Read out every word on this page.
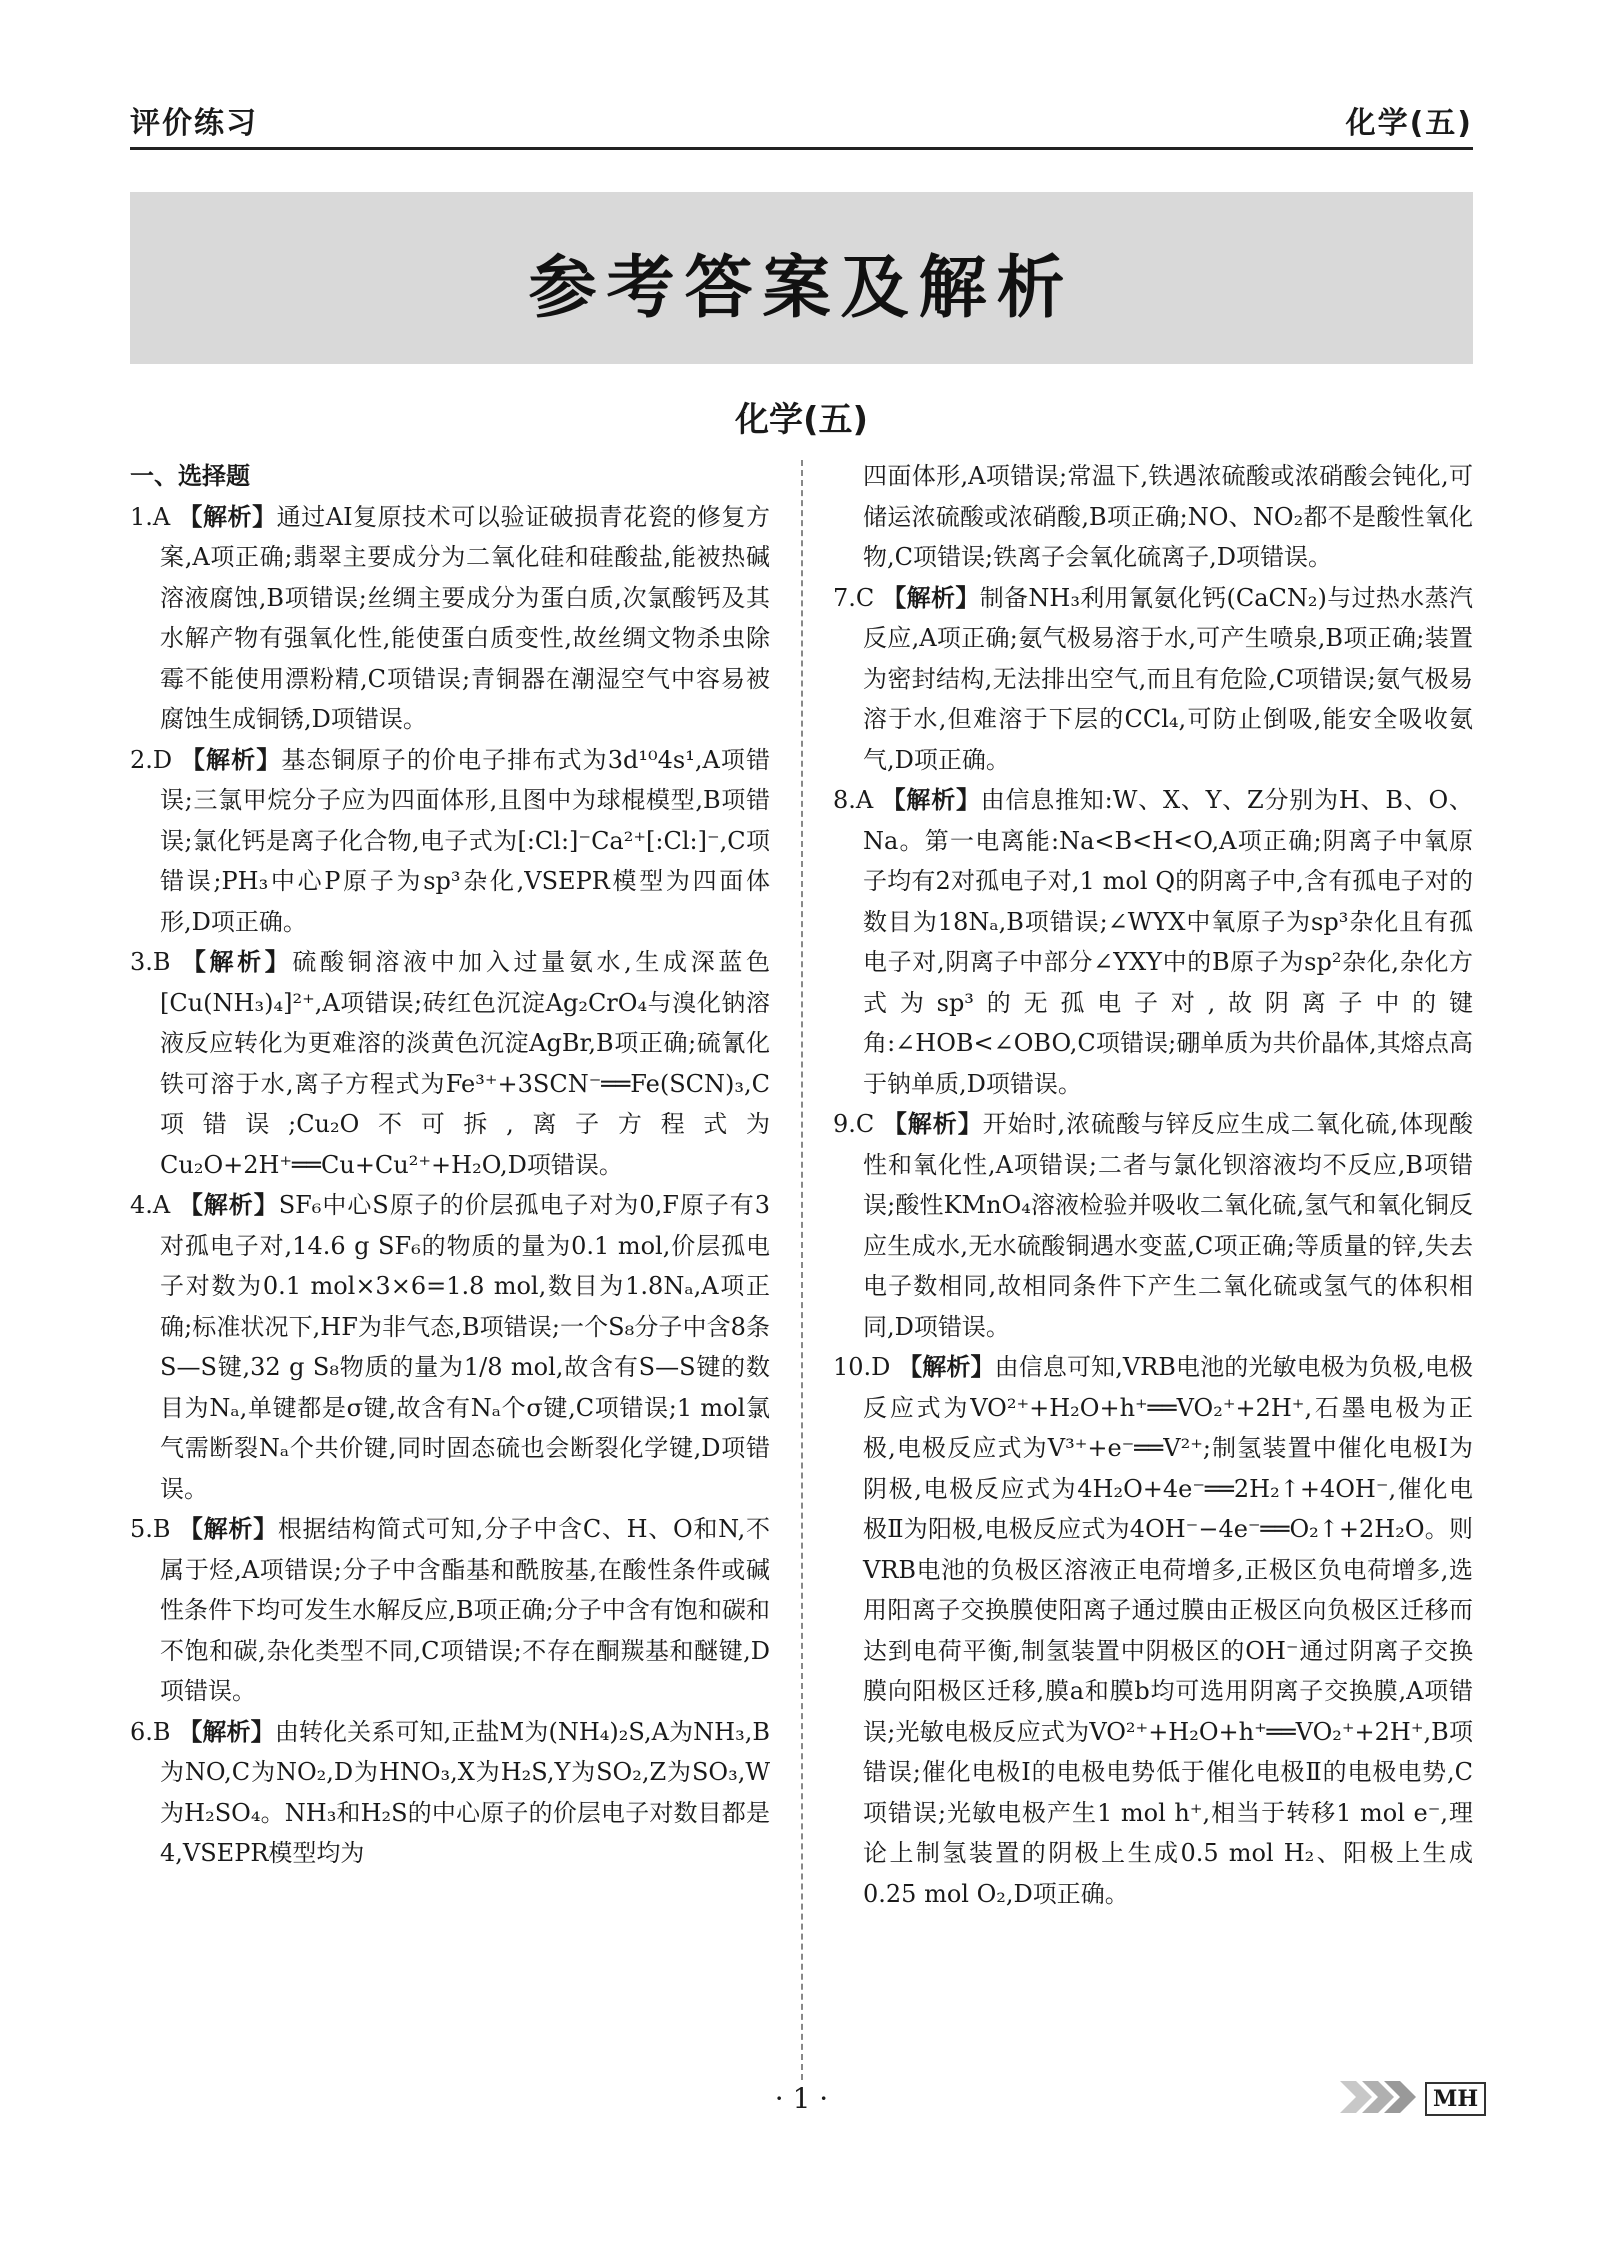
评价练习	化学(五)
参考答案及解析
化学(五)

一、选择题

1.A 【解析】通过AI复原技术可以验证破损青花瓷的修复方案,A项正确;翡翠主要成分为二氧化硅和硅酸盐,能被热碱溶液腐蚀,B项错误;丝绸主要成分为蛋白质,次氯酸钙及其水解产物有强氧化性,能使蛋白质变性,故丝绸文物杀虫除霉不能使用漂粉精,C项错误;青铜器在潮湿空气中容易被腐蚀生成铜锈,D项错误。

2.D 【解析】基态铜原子的价电子排布式为3d¹⁰4s¹,A项错误;三氯甲烷分子应为四面体形,且图中为球棍模型,B项错误;氯化钙是离子化合物,电子式为[:Cl:]⁻Ca²⁺[:Cl:]⁻,C项错误;PH₃中心P原子为sp³杂化,VSEPR模型为四面体形,D项正确。

3.B 【解析】硫酸铜溶液中加入过量氨水,生成深蓝色[Cu(NH₃)₄]²⁺,A项错误;砖红色沉淀Ag₂CrO₄与溴化钠溶液反应转化为更难溶的淡黄色沉淀AgBr,B项正确;硫氰化铁可溶于水,离子方程式为Fe³⁺+3SCN⁻══Fe(SCN)₃,C项错误;Cu₂O不可拆,离子方程式为Cu₂O+2H⁺══Cu+Cu²⁺+H₂O,D项错误。

4.A 【解析】SF₆中心S原子的价层孤电子对为0,F原子有3对孤电子对,14.6 g SF₆的物质的量为0.1 mol,价层孤电子对数为0.1 mol×3×6=1.8 mol,数目为1.8Nₐ,A项正确;标准状况下,HF为非气态,B项错误;一个S₈分子中含8条S—S键,32 g S₈物质的量为1/8 mol,故含有S—S键的数目为Nₐ,单键都是σ键,故含有Nₐ个σ键,C项错误;1 mol氯气需断裂Nₐ个共价键,同时固态硫也会断裂化学键,D项错误。

5.B 【解析】根据结构简式可知,分子中含C、H、O和N,不属于烃,A项错误;分子中含酯基和酰胺基,在酸性条件或碱性条件下均可发生水解反应,B项正确;分子中含有饱和碳和不饱和碳,杂化类型不同,C项错误;不存在酮羰基和醚键,D项错误。

6.B 【解析】由转化关系可知,正盐M为(NH₄)₂S,A为NH₃,B为NO,C为NO₂,D为HNO₃,X为H₂S,Y为SO₂,Z为SO₃,W为H₂SO₄。NH₃和H₂S的中心原子的价层电子对数目都是4,VSEPR模型均为

四面体形,A项错误;常温下,铁遇浓硫酸或浓硝酸会钝化,可储运浓硫酸或浓硝酸,B项正确;NO、NO₂都不是酸性氧化物,C项错误;铁离子会氧化硫离子,D项错误。

7.C 【解析】制备NH₃利用氰氨化钙(CaCN₂)与过热水蒸汽反应,A项正确;氨气极易溶于水,可产生喷泉,B项正确;装置为密封结构,无法排出空气,而且有危险,C项错误;氨气极易溶于水,但难溶于下层的CCl₄,可防止倒吸,能安全吸收氨气,D项正确。

8.A 【解析】由信息推知:W、X、Y、Z分别为H、B、O、Na。第一电离能:Na<B<H<O,A项正确;阴离子中氧原子均有2对孤电子对,1 mol Q的阴离子中,含有孤电子对的数目为18Nₐ,B项错误;∠WYX中氧原子为sp³杂化且有孤电子对,阴离子中部分∠YXY中的B原子为sp²杂化,杂化方式为sp³的无孤电子对,故阴离子中的键角:∠HOB<∠OBO,C项错误;硼单质为共价晶体,其熔点高于钠单质,D项错误。

9.C 【解析】开始时,浓硫酸与锌反应生成二氧化硫,体现酸性和氧化性,A项错误;二者与氯化钡溶液均不反应,B项错误;酸性KMnO₄溶液检验并吸收二氧化硫,氢气和氧化铜反应生成水,无水硫酸铜遇水变蓝,C项正确;等质量的锌,失去电子数相同,故相同条件下产生二氧化硫或氢气的体积相同,D项错误。

10.D 【解析】由信息可知,VRB电池的光敏电极为负极,电极反应式为VO²⁺+H₂O+h⁺══VO₂⁺+2H⁺,石墨电极为正极,电极反应式为V³⁺+e⁻══V²⁺;制氢装置中催化电极Ⅰ为阴极,电极反应式为4H₂O+4e⁻══2H₂↑+4OH⁻,催化电极Ⅱ为阳极,电极反应式为4OH⁻−4e⁻══O₂↑+2H₂O。则VRB电池的负极区溶液正电荷增多,正极区负电荷增多,选用阳离子交换膜使阳离子通过膜由正极区向负极区迁移而达到电荷平衡,制氢装置中阴极区的OH⁻通过阴离子交换膜向阳极区迁移,膜a和膜b均可选用阴离子交换膜,A项错误;光敏电极反应式为VO²⁺+H₂O+h⁺══VO₂⁺+2H⁺,B项错误;催化电极Ⅰ的电极电势低于催化电极Ⅱ的电极电势,C项错误;光敏电极产生1 mol h⁺,相当于转移1 mol e⁻,理论上制氢装置的阴极上生成0.5 mol H₂、阳极上生成0.25 mol O₂,D项正确。

· 1 ·	MH
